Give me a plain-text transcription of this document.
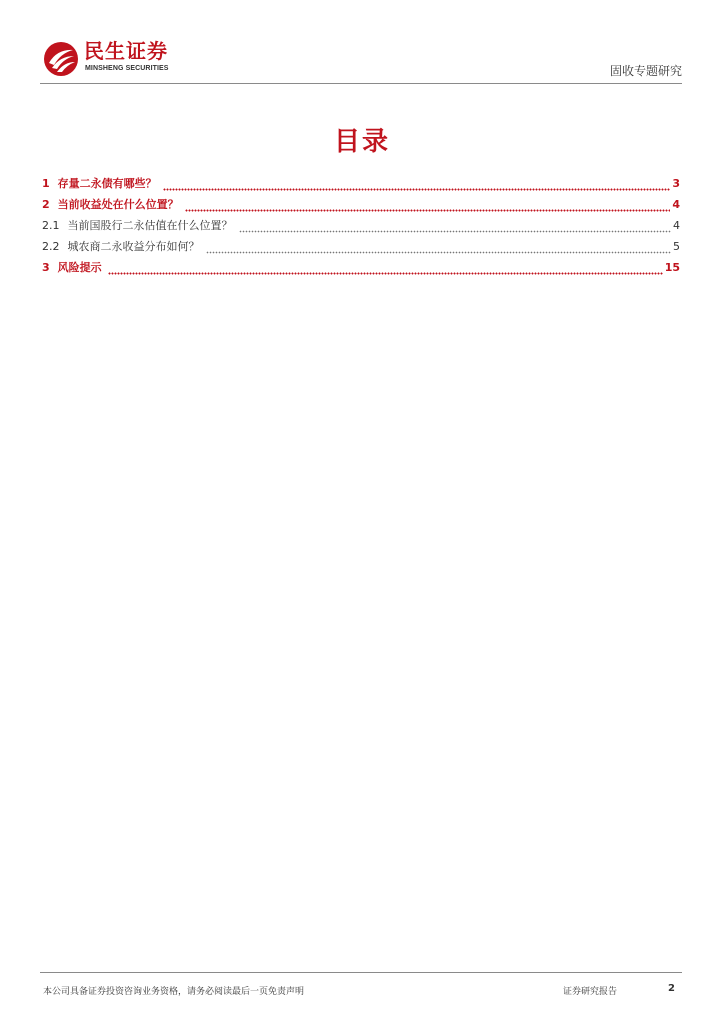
民生证券
MINSHENG SECURITIES	固收专题研究
目录
1 存量二永债有哪些？	3
2 当前收益处在什么位置？	4
2.1 当前国股行二永估值在什么位置？	4
2.2 城农商二永收益分布如何？	5
3 风险提示	15
本公司具备证券投资咨询业务资格，请务必阅读最后一页免责声明	证券研究报告	2
